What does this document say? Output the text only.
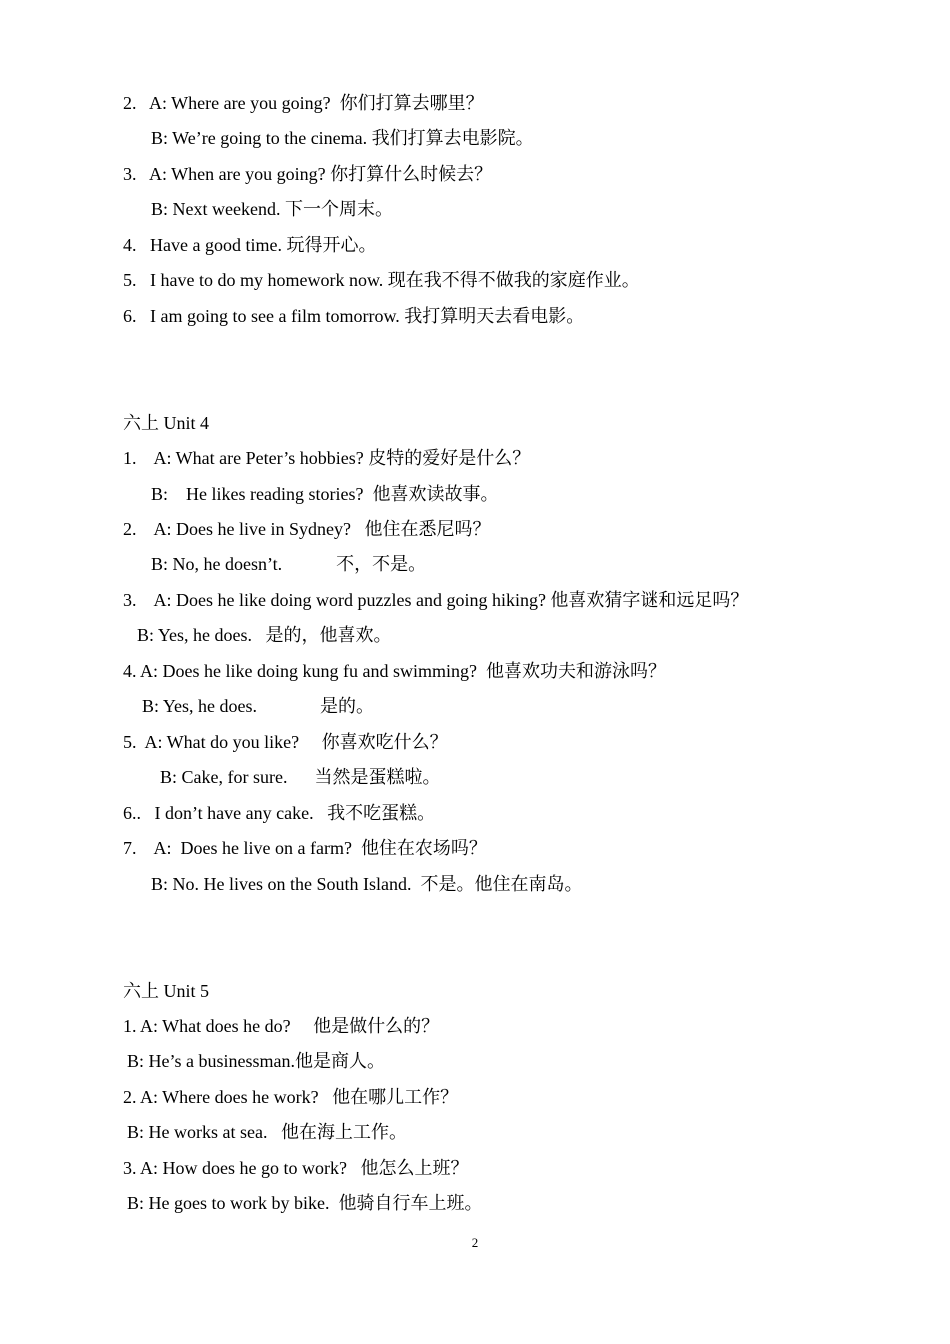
2.   A: Where are you going?  你们打算去哪里？
B: We’re going to the cinema. 我们打算去电影院。
3.   A: When are you going? 你打算什么时候去？
B: Next weekend. 下一个周末。
4.   Have a good time. 玩得开心。
5.   I have to do my homework now. 现在我不得不做我的家庭作业。
6.   I am going to see a film tomorrow. 我打算明天去看电影。
六上 Unit 4
1.    A: What are Peter’s hobbies? 皮特的爱好是什么？
B:    He likes reading stories?  他喜欢读故事。
2.    A: Does he live in Sydney?   他住在悉尼吗？
B: No, he doesn’t.            不，不是。
3.    A: Does he like doing word puzzles and going hiking? 他喜欢猜字谜和远足吗？
B: Yes, he does.   是的，他喜欢。
4. A: Does he like doing kung fu and swimming?  他喜欢功夫和游泳吗？
B: Yes, he does.              是的。
5.  A: What do you like?     你喜欢吃什么？
B: Cake, for sure.      当然是蛋糕啦。
6..   I don’t have any cake.   我不吃蛋糕。
7.    A:  Does he live on a farm?  他住在农场吗？
B: No. He lives on the South Island.  不是。他住在南岛。
六上 Unit 5
1. A: What does he do?     他是做什么的？
B: He’s a businessman.他是商人。
2. A: Where does he work?   他在哪儿工作？
B: He works at sea.   他在海上工作。
3. A: How does he go to work?   他怎么上班？
B: He goes to work by bike.  他骑自行车上班。
2
